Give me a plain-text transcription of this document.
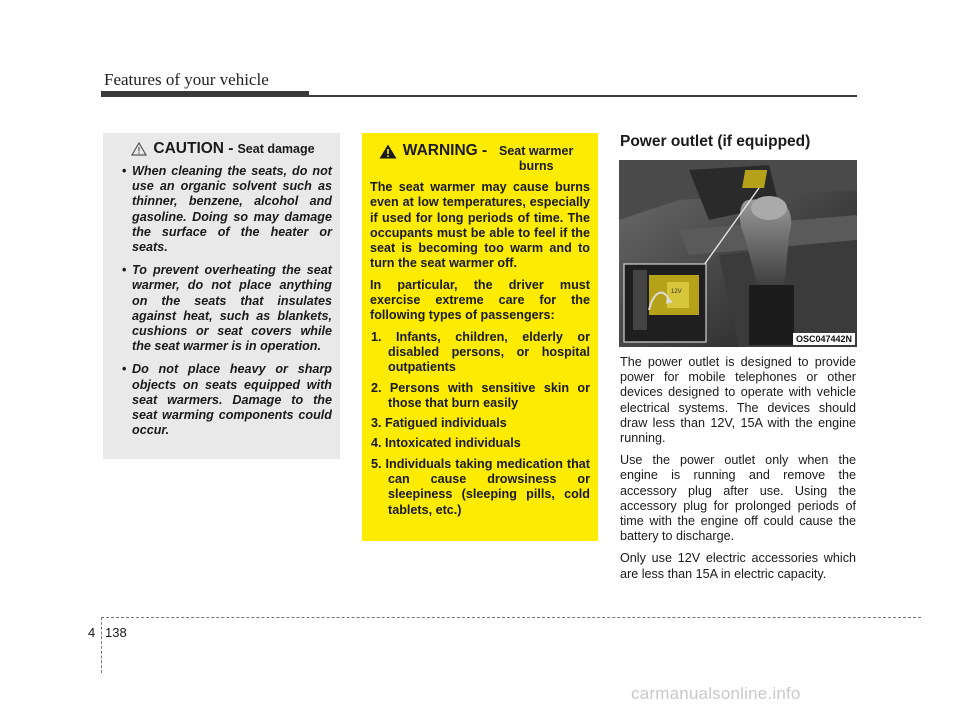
Features of your vehicle
CAUTION - Seat damage
• When cleaning the seats, do not use an organic solvent such as thinner, benzene, alcohol and gasoline. Doing so may damage the surface of the heater or seats.
• To prevent overheating the seat warmer, do not place anything on the seats that insulates against heat, such as blankets, cushions or seat covers while the seat warmer is in operation.
• Do not place heavy or sharp objects on seats equipped with seat warmers. Damage to the seat warming components could occur.
WARNING - Seat warmer burns

The seat warmer may cause burns even at low temperatures, especially if used for long periods of time. The occupants must be able to feel if the seat is becoming too warm and to turn the seat warmer off.

In particular, the driver must exercise extreme care for the following types of passengers:

1. Infants, children, elderly or disabled persons, or hospital outpatients
2. Persons with sensitive skin or those that burn easily
3. Fatigued individuals
4. Intoxicated individuals
5. Individuals taking medication that can cause drowsiness or sleepiness (sleeping pills, cold tablets, etc.)
Power outlet (if equipped)
12V
OSC047442N

The power outlet is designed to provide power for mobile telephones or other devices designed to operate with vehicle electrical systems. The devices should draw less than 12V, 15A with the engine running.

Use the power outlet only when the engine is running and remove the accessory plug after use. Using the accessory plug for prolonged periods of time with the engine off could cause the battery to discharge.

Only use 12V electric accessories which are less than 15A in electric capacity.

4 138
carmanualsonline.info
